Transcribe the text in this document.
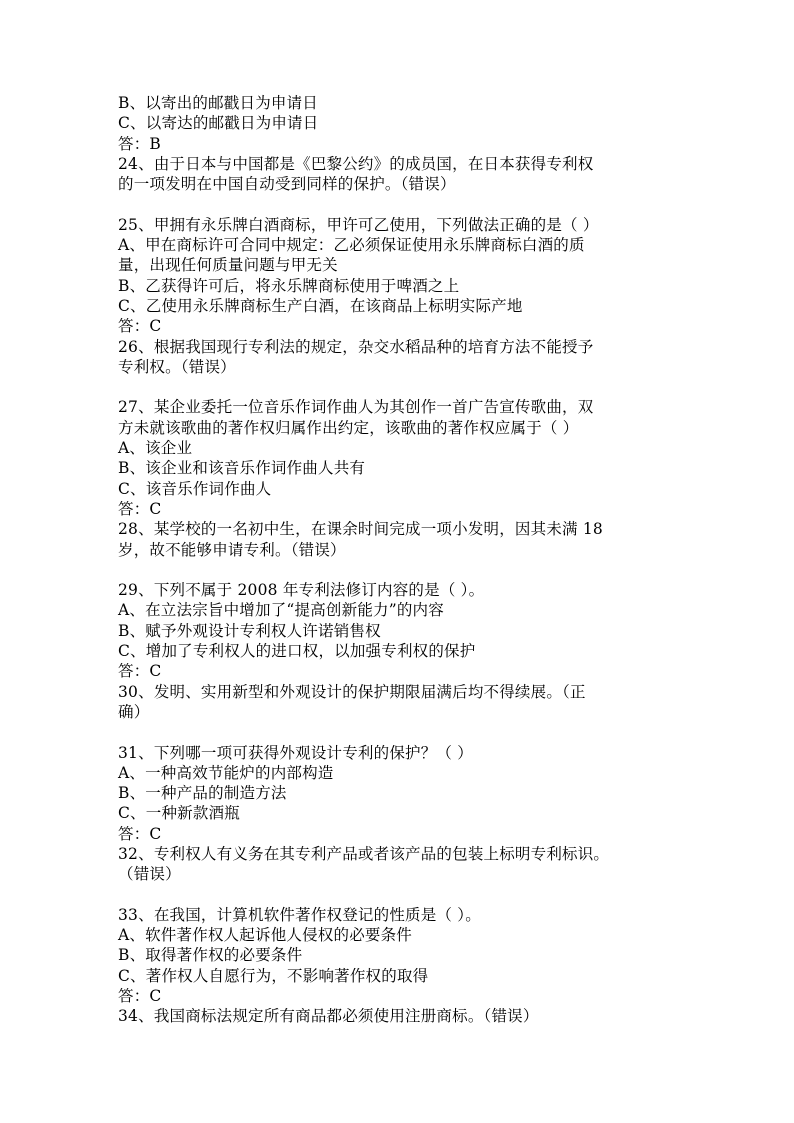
B、以寄出的邮戳日为申请日
C、以寄达的邮戳日为申请日
答：B
24、由于日本与中国都是《巴黎公约》的成员国，在日本获得专利权
的一项发明在中国自动受到同样的保护。（错误）
25、甲拥有永乐牌白酒商标，甲许可乙使用，下列做法正确的是（ ）
A、甲在商标许可合同中规定：乙必须保证使用永乐牌商标白酒的质
量，出现任何质量问题与甲无关
B、乙获得许可后，将永乐牌商标使用于啤酒之上
C、乙使用永乐牌商标生产白酒，在该商品上标明实际产地
答：C
26、根据我国现行专利法的规定，杂交水稻品种的培育方法不能授予
专利权。（错误）
27、某企业委托一位音乐作词作曲人为其创作一首广告宣传歌曲，双
方未就该歌曲的著作权归属作出约定，该歌曲的著作权应属于（ ）
A、该企业
B、该企业和该音乐作词作曲人共有
C、该音乐作词作曲人
答：C
28、某学校的一名初中生，在课余时间完成一项小发明，因其未满 18
岁，故不能够申请专利。（错误）
29、下列不属于 2008 年专利法修订内容的是（ ）。
A、在立法宗旨中增加了“提高创新能力”的内容
B、赋予外观设计专利权人许诺销售权
C、增加了专利权人的进口权，以加强专利权的保护
答：C
30、发明、实用新型和外观设计的保护期限届满后均不得续展。（正
确）
31、下列哪一项可获得外观设计专利的保护？（ ）
A、一种高效节能炉的内部构造
B、一种产品的制造方法
C、一种新款酒瓶
答：C
32、专利权人有义务在其专利产品或者该产品的包装上标明专利标识。
（错误）
33、在我国，计算机软件著作权登记的性质是（ ）。
A、软件著作权人起诉他人侵权的必要条件
B、取得著作权的必要条件
C、著作权人自愿行为，不影响著作权的取得
答：C
34、我国商标法规定所有商品都必须使用注册商标。（错误）
